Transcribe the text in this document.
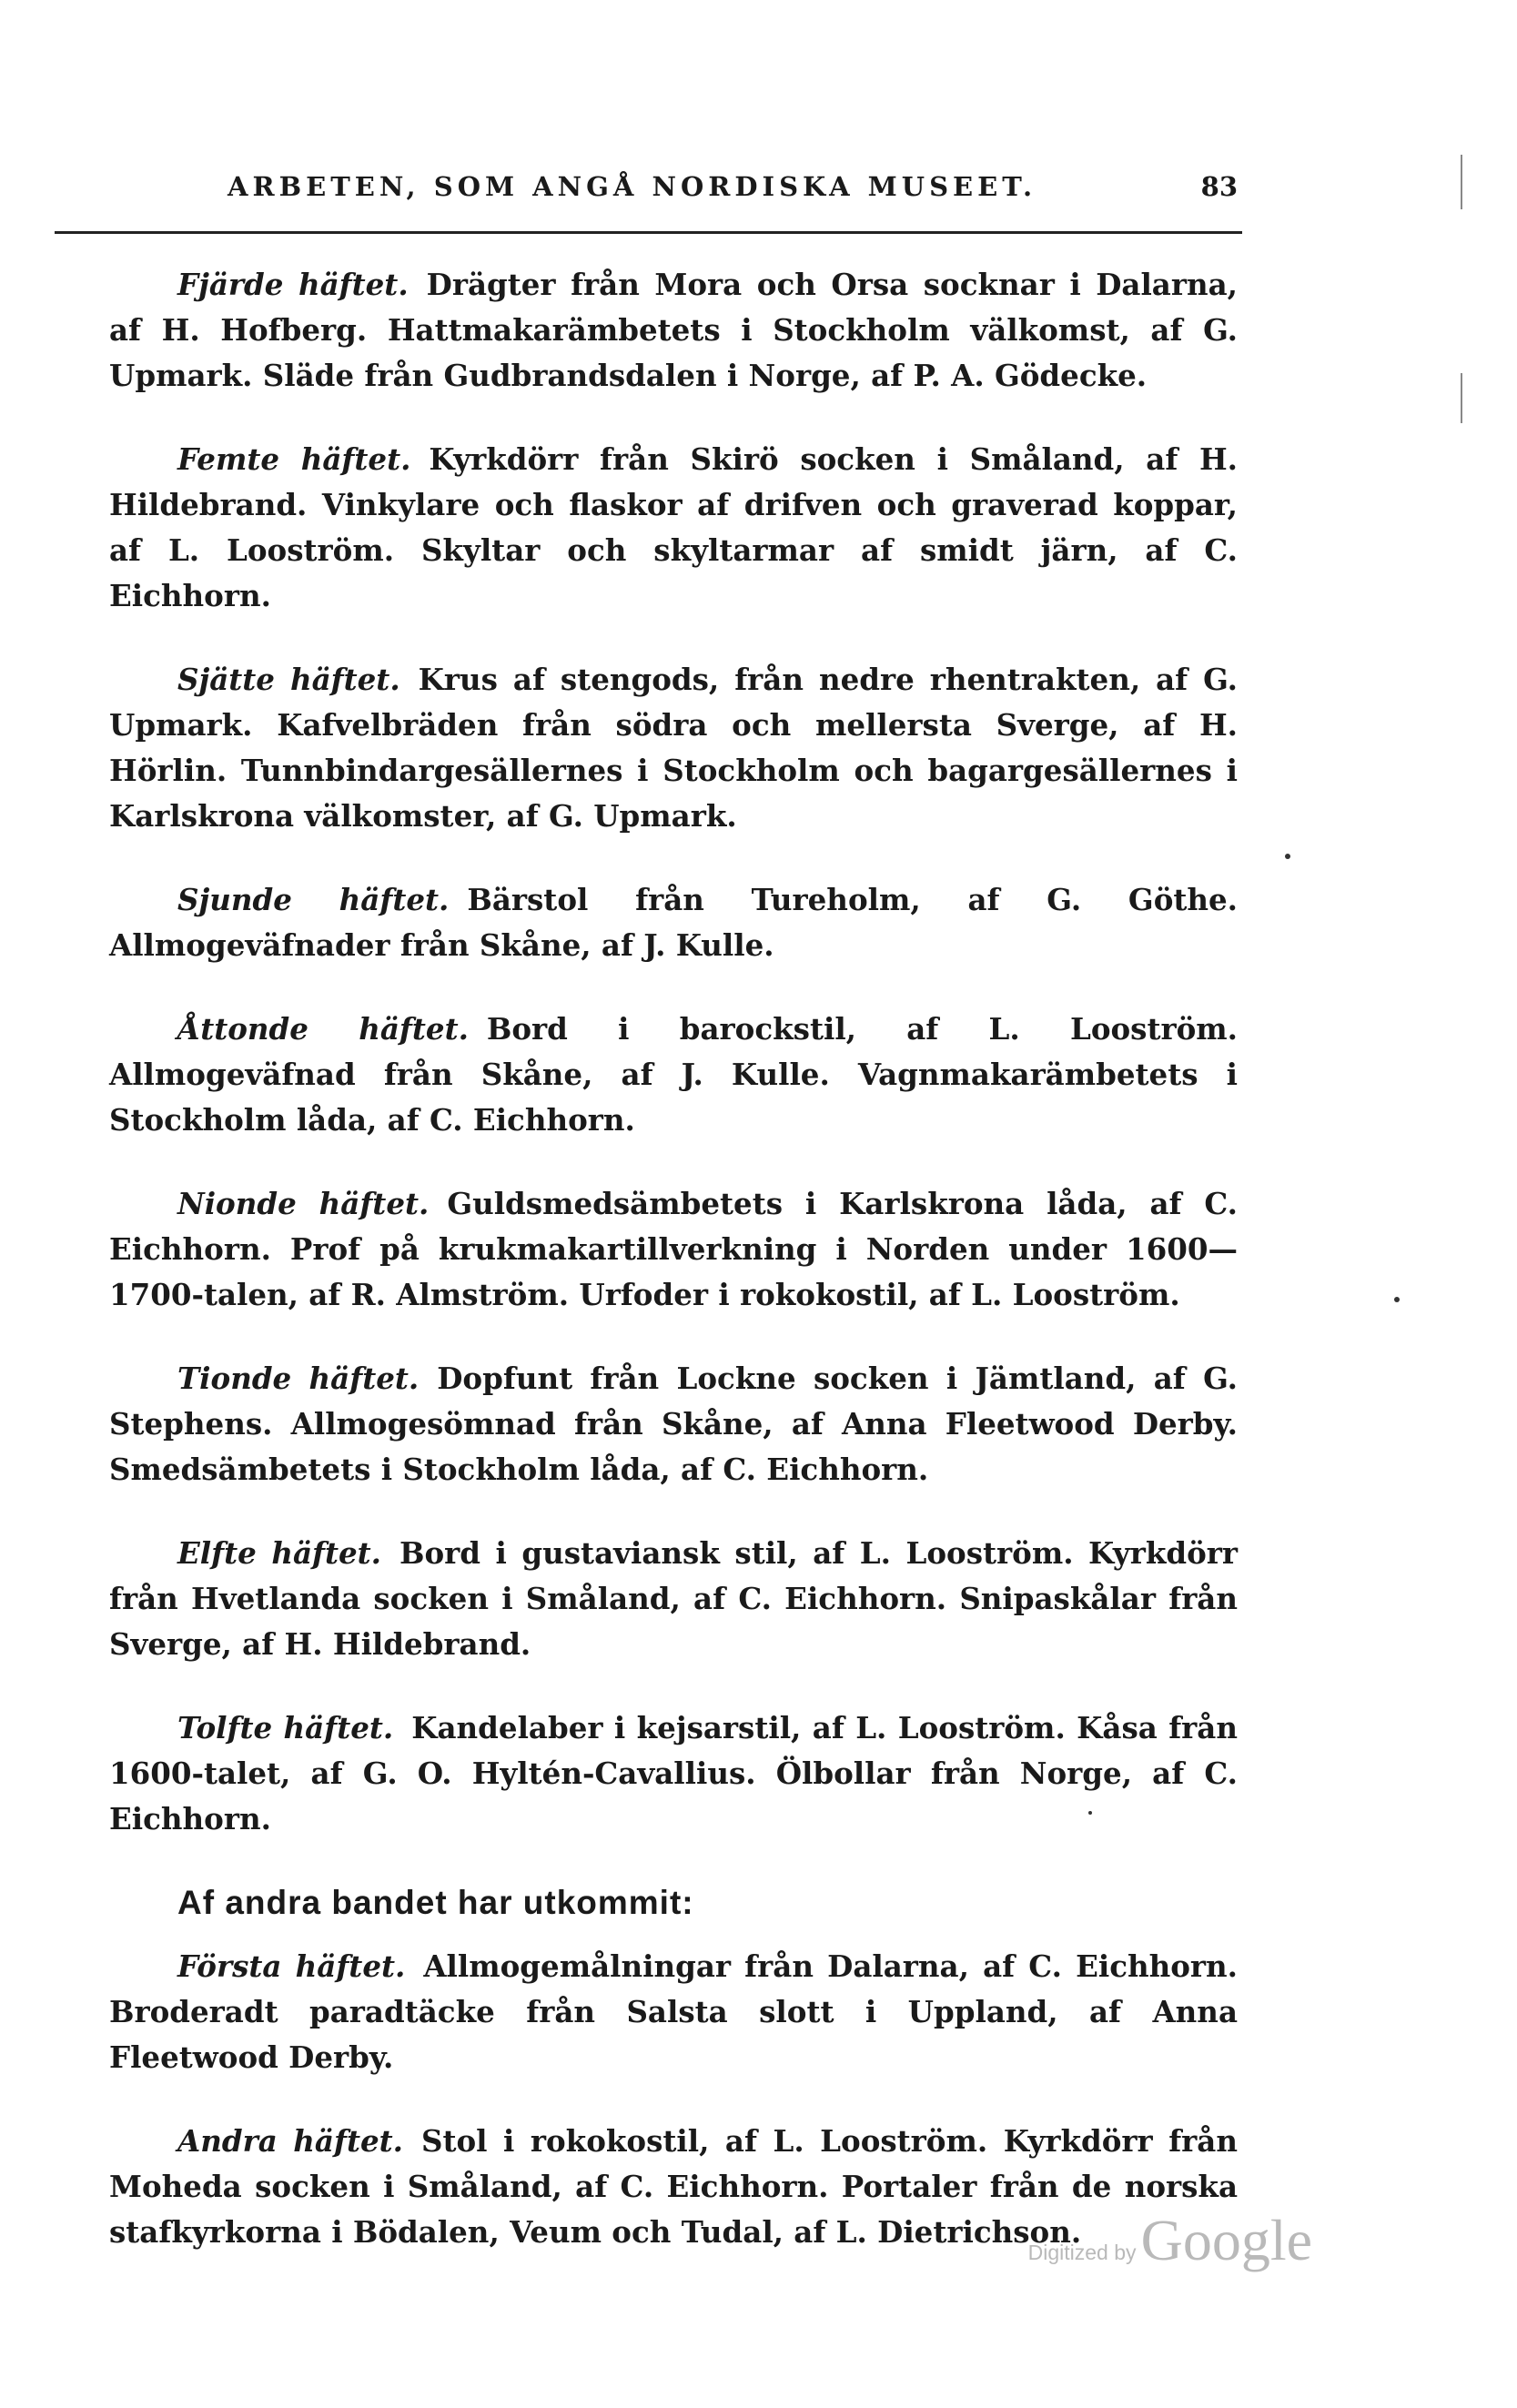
ARBETEN, SOM ANGÅ NORDISKA MUSEET.	83

Fjärde häftet. Drägter från Mora och Orsa socknar i Dalarna, af H. Hofberg. Hattmakarämbetets i Stockholm välkomst, af G. Upmark. Släde från Gudbrandsdalen i Norge, af P. A. Gödecke.

Femte häftet. Kyrkdörr från Skirö socken i Småland, af H. Hildebrand. Vinkylare och flaskor af drifven och graverad koppar, af L. Looström. Skyltar och skyltarmar af smidt järn, af C. Eichhorn.

Sjätte häftet. Krus af stengods, från nedre rhentrakten, af G. Upmark. Kafvelbräden från södra och mellersta Sverge, af H. Hörlin. Tunnbindargesällernes i Stockholm och bagargesällernes i Karlskrona välkomster, af G. Upmark.

Sjunde häftet. Bärstol från Tureholm, af G. Göthe. Allmogeväfnader från Skåne, af J. Kulle.

Åttonde häftet. Bord i barockstil, af L. Looström. Allmogeväfnad från Skåne, af J. Kulle. Vagnmakarämbetets i Stockholm låda, af C. Eichhorn.

Nionde häftet. Guldsmedsämbetets i Karlskrona låda, af C. Eichhorn. Prof på krukmakartillverkning i Norden under 1600—1700-talen, af R. Almström. Urfoder i rokokostil, af L. Looström.

Tionde häftet. Dopfunt från Lockne socken i Jämtland, af G. Stephens. Allmogesömnad från Skåne, af Anna Fleetwood Derby. Smedsämbetets i Stockholm låda, af C. Eichhorn.

Elfte häftet. Bord i gustaviansk stil, af L. Looström. Kyrkdörr från Hvetlanda socken i Småland, af C. Eichhorn. Snipaskålar från Sverge, af H. Hildebrand.

Tolfte häftet. Kandelaber i kejsarstil, af L. Looström. Kåsa från 1600-talet, af G. O. Hyltén-Cavallius. Ölbollar från Norge, af C. Eichhorn.

Af andra bandet har utkommit:

Första häftet. Allmogemålningar från Dalarna, af C. Eichhorn. Broderadt paradtäcke från Salsta slott i Uppland, af Anna Fleetwood Derby.

Andra häftet. Stol i rokokostil, af L. Looström. Kyrkdörr från Moheda socken i Småland, af C. Eichhorn. Portaler från de norska stafkyrkorna i Bödalen, Veum och Tudal, af L. Dietrichson.

Digitized by Google
